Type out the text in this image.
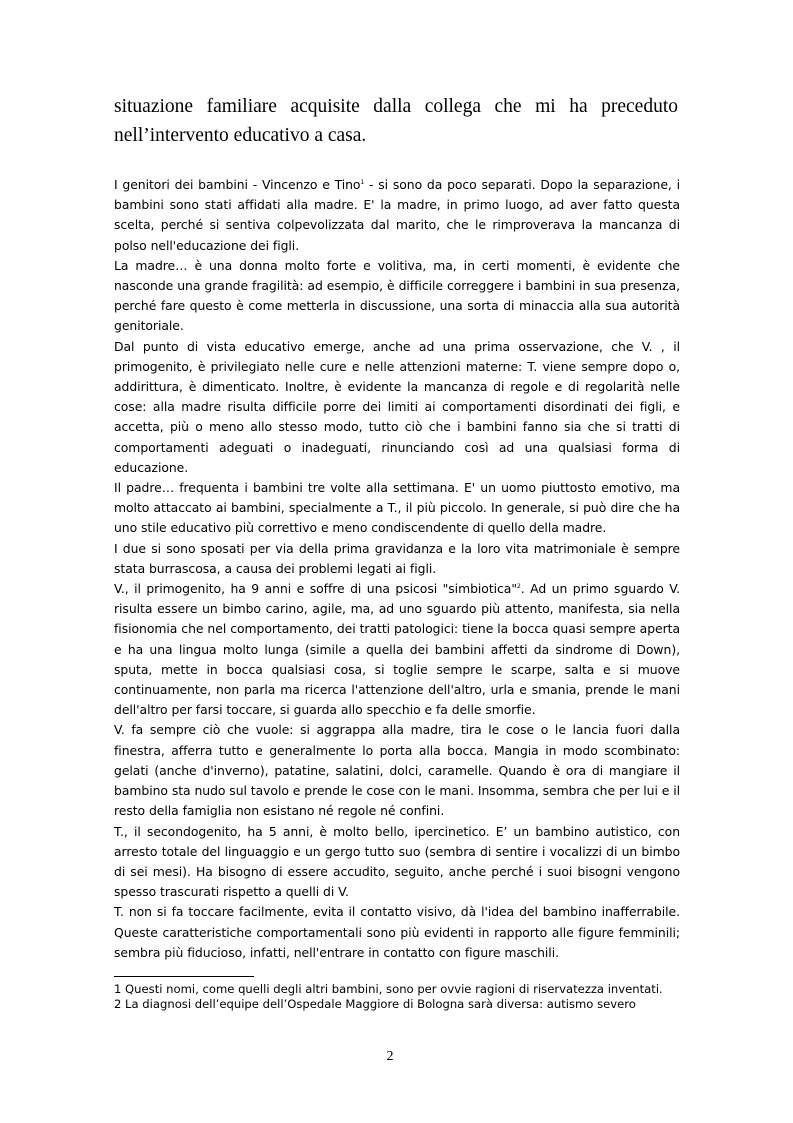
situazione familiare acquisite dalla collega che mi ha preceduto

nell’intervento educativo a casa.

I genitori dei bambini - Vincenzo e Tino$^1$ - si sono da poco separati. Dopo la separazione, i bambini sono stati affidati alla madre. E' la madre, in primo luogo, ad aver fatto questa scelta, perché si sentiva colpevolizzata dal marito, che le rimproverava la mancanza di polso nell'educazione dei figli.

La madre… è una donna molto forte e volitiva, ma, in certi momenti, è evidente che nasconde una grande fragilità: ad esempio, è difficile correggere i bambini in sua presenza, perché fare questo è come metterla in discussione, una sorta di minaccia alla sua autorità genitoriale.

Dal punto di vista educativo emerge, anche ad una prima osservazione, che V. , il primogenito, è privilegiato nelle cure e nelle attenzioni materne: T. viene sempre dopo o, addirittura, è dimenticato. Inoltre, è evidente la mancanza di regole e di regolarità nelle cose: alla madre risulta difficile porre dei limiti ai comportamenti disordinati dei figli, e accetta, più o meno allo stesso modo, tutto ciò che i bambini fanno sia che si tratti di comportamenti adeguati o inadeguati, rinunciando così ad una qualsiasi forma di educazione.

Il padre… frequenta i bambini tre volte alla settimana. E' un uomo piuttosto emotivo, ma molto attaccato ai bambini, specialmente a T., il più piccolo. In generale, si può dire che ha uno stile educativo più correttivo e meno condiscendente di quello della madre.

I due si sono sposati per via della prima gravidanza e la loro vita matrimoniale è sempre stata burrascosa, a causa dei problemi legati ai figli.

V., il primogenito, ha 9 anni e soffre di una psicosi "simbiotica"$^2$. Ad un primo sguardo V. risulta essere un bimbo carino, agile, ma, ad uno sguardo più attento, manifesta, sia nella fisionomia che nel comportamento, dei tratti patologici: tiene la bocca quasi sempre aperta e ha una lingua molto lunga (simile a quella dei bambini affetti da sindrome di Down), sputa, mette in bocca qualsiasi cosa, si toglie sempre le scarpe, salta e si muove continuamente, non parla ma ricerca l'attenzione dell'altro, urla e smania, prende le mani dell'altro per farsi toccare, si guarda allo specchio e fa delle smorfie.

V. fa sempre ciò che vuole: si aggrappa alla madre, tira le cose o le lancia fuori dalla finestra, afferra tutto e generalmente lo porta alla bocca. Mangia in modo scombinato: gelati (anche d'inverno), patatine, salatini, dolci, caramelle. Quando è ora di mangiare il bambino sta nudo sul tavolo e prende le cose con le mani. Insomma, sembra che per lui e il resto della famiglia non esistano né regole né confini.

T., il secondogenito, ha 5 anni, è molto bello, ipercinetico. E’ un bambino autistico, con arresto totale del linguaggio e un gergo tutto suo (sembra di sentire i vocalizzi di un bimbo di sei mesi). Ha bisogno di essere accudito, seguito, anche perché i suoi bisogni vengono spesso trascurati rispetto a quelli di V.

T. non si fa toccare facilmente, evita il contatto visivo, dà l'idea del bambino inafferrabile. Queste caratteristiche comportamentali sono più evidenti in rapporto alle figure femminili; sembra più fiducioso, infatti, nell'entrare in contatto con figure maschili.

1 Questi nomi, come quelli degli altri bambini, sono per ovvie ragioni di riservatezza inventati.

2 La diagnosi dell’equipe dell’Ospedale Maggiore di Bologna sarà diversa: autismo severo

2
